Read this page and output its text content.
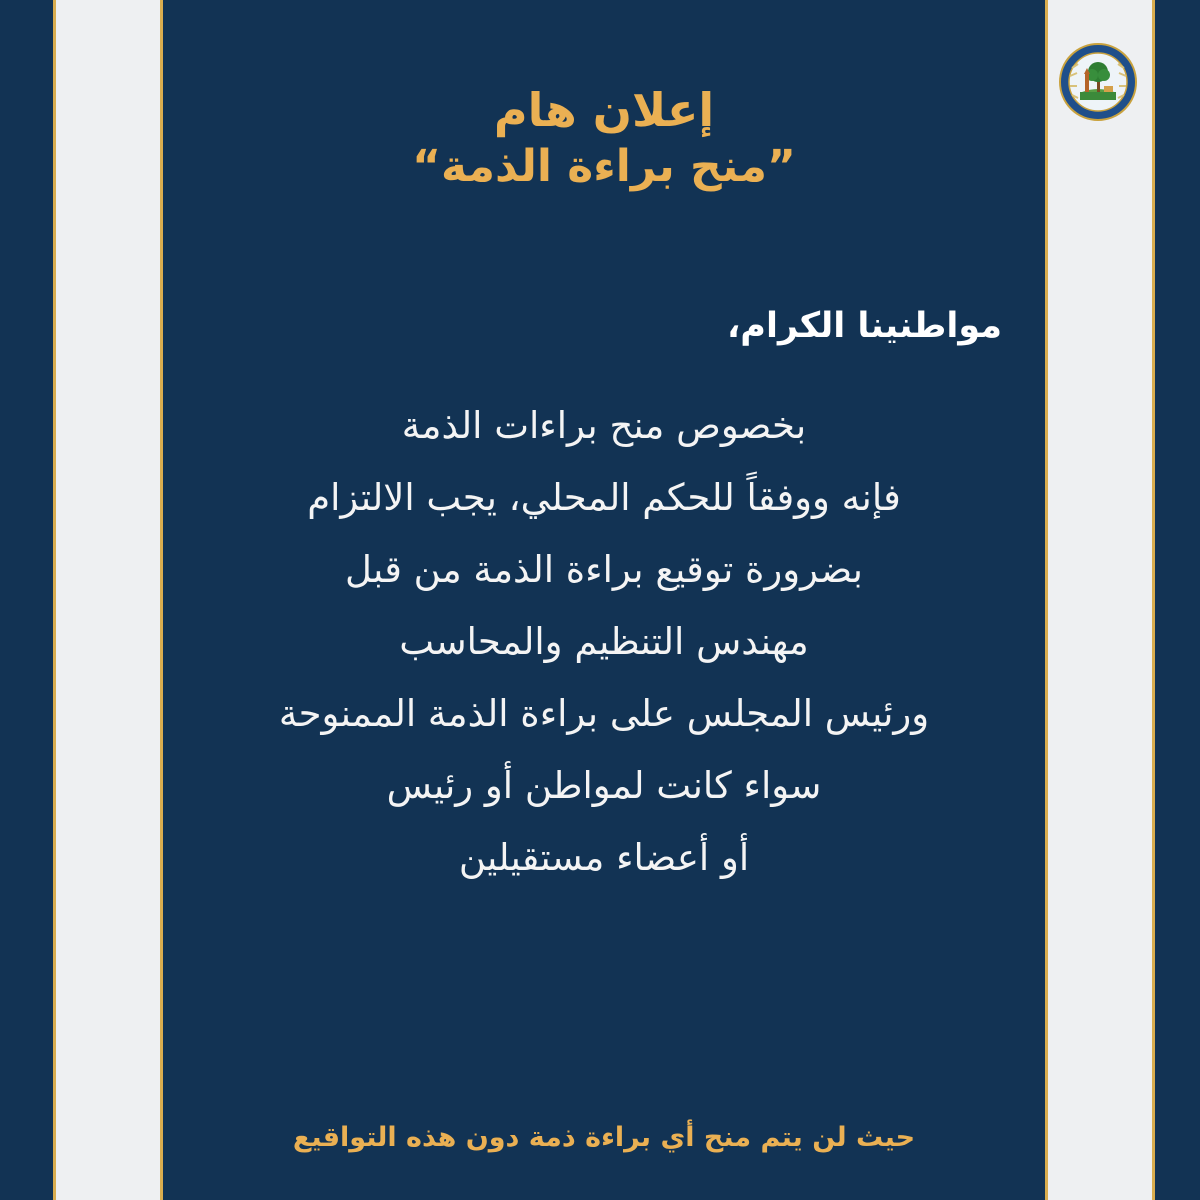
إعلان هام
”منح براءة الذمة“
مواطنينا الكرام،
بخصوص منح براءات الذمة
فإنه ووفقاً للحكم المحلي، يجب الالتزام
بضرورة توقيع براءة الذمة من قبل
مهندس التنظيم والمحاسب
ورئيس المجلس على براءة الذمة الممنوحة
سواء كانت لمواطن أو رئيس
أو أعضاء مستقيلين
حيث لن يتم منح أي براءة ذمة دون هذه التواقيع
